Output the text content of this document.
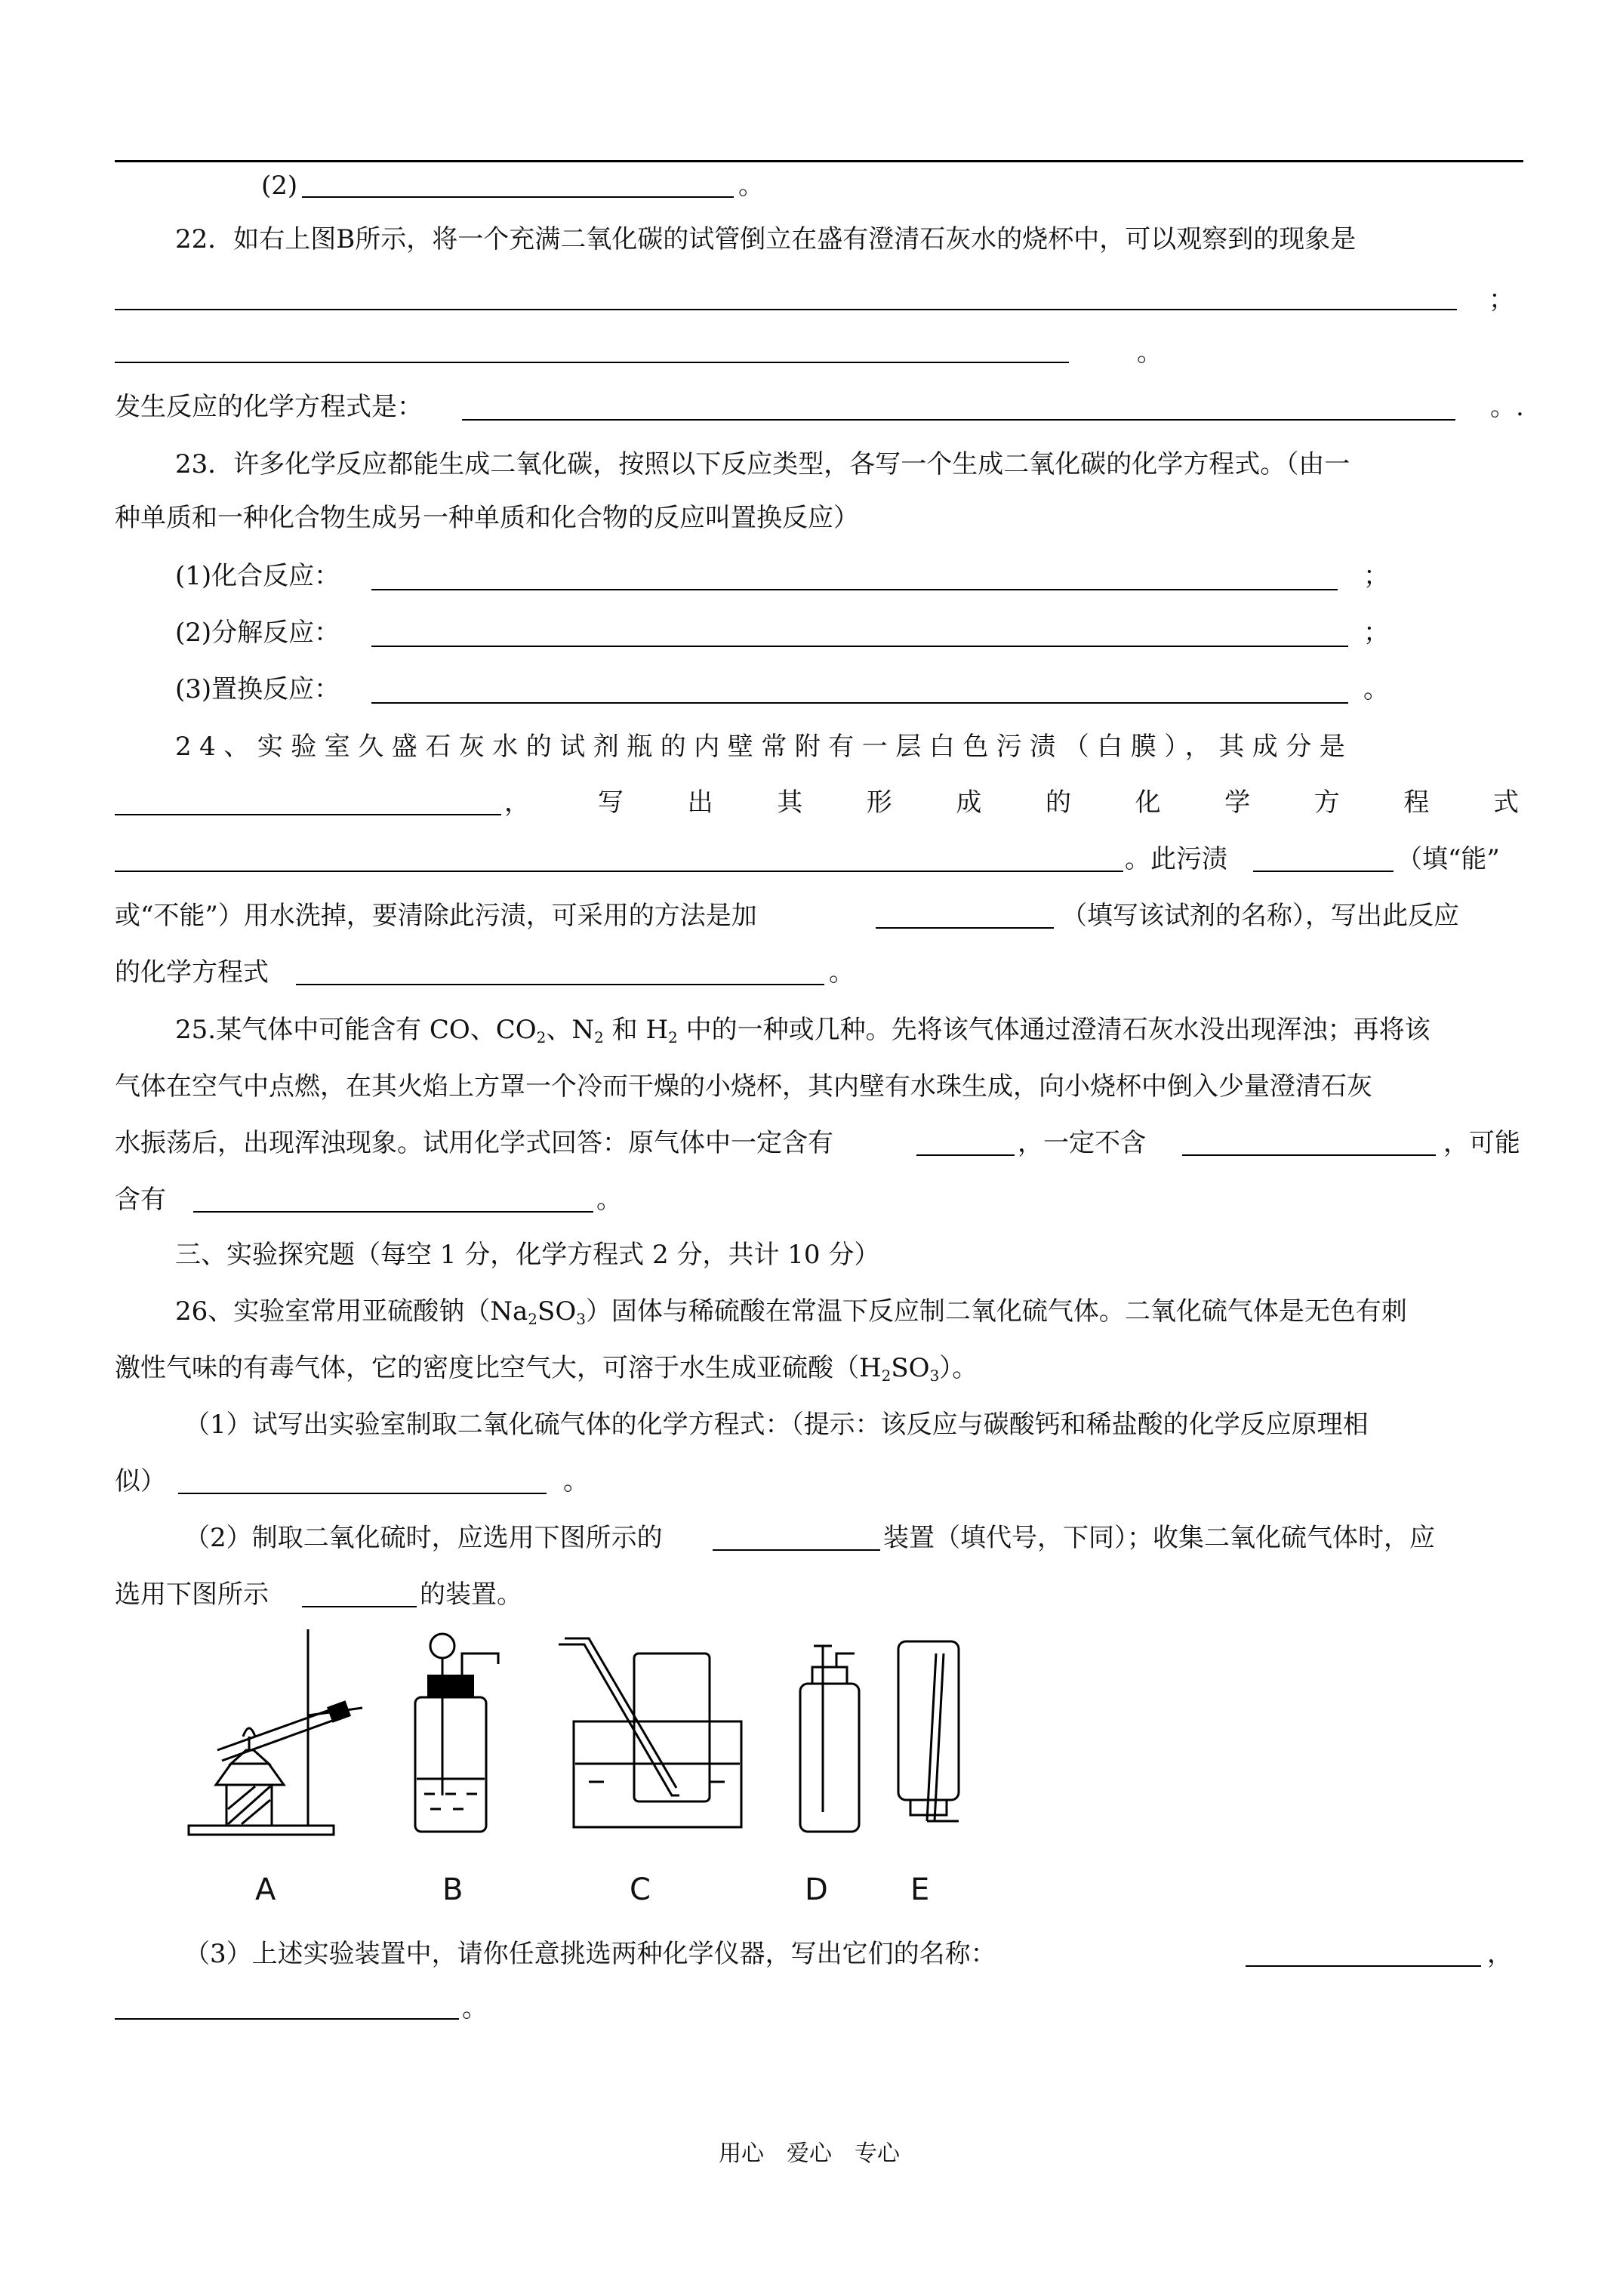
(2)	。
22．如右上图B所示，将一个充满二氧化碳的试管倒立在盛有澄清石灰水的烧杯中，可以观察到的现象是
；
。
发生反应的化学方程式是：	。.
23．许多化学反应都能生成二氧化碳，按照以下反应类型，各写一个生成二氧化碳的化学方程式。（由一
种单质和一种化合物生成另一种单质和化合物的反应叫置换反应）
(1)化合反应：	；
(2)分解反应：	；
(3)置换反应：	。
24、实验室久盛石灰水的试剂瓶的内壁常附有一层白色污渍（白膜），其成分是
，	写 出 其 形 成 的 化 学 方 程 式
。此污渍	（填“能”
或“不能”）用水洗掉，要清除此污渍，可采用的方法是加	（填写该试剂的名称），写出此反应
的化学方程式	。
25.某气体中可能含有 CO、$CO_2$、$N_2$ 和 $H_2$ 中的一种或几种。先将该气体通过澄清石灰水没出现浑浊；再将该
气体在空气中点燃，在其火焰上方罩一个冷而干燥的小烧杯，其内壁有水珠生成，向小烧杯中倒入少量澄清石灰
水振荡后，出现浑浊现象。试用化学式回答：原气体中一定含有	，一定不含	，可能
含有	。
三、实验探究题（每空 1 分，化学方程式 2 分，共计 10 分）
26、实验室常用亚硫酸钠$(Na_2SO_3)$固体与稀硫酸在常温下反应制二氧化硫气体。二氧化硫气体是无色有刺
激性气味的有毒气体，它的密度比空气大，可溶于水生成亚硫酸$(H_2SO_3)$。
（1）试写出实验室制取二氧化硫气体的化学方程式：（提示：该反应与碳酸钙和稀盐酸的化学反应原理相
似）	。
（2）制取二氧化硫时，应选用下图所示的	装置（填代号，下同）；收集二氧化硫气体时，应
选用下图所示	的装置。
A	B	C	D	E
（3）上述实验装置中，请你任意挑选两种化学仪器，写出它们的名称：	，
。
用心　爱心　专心
